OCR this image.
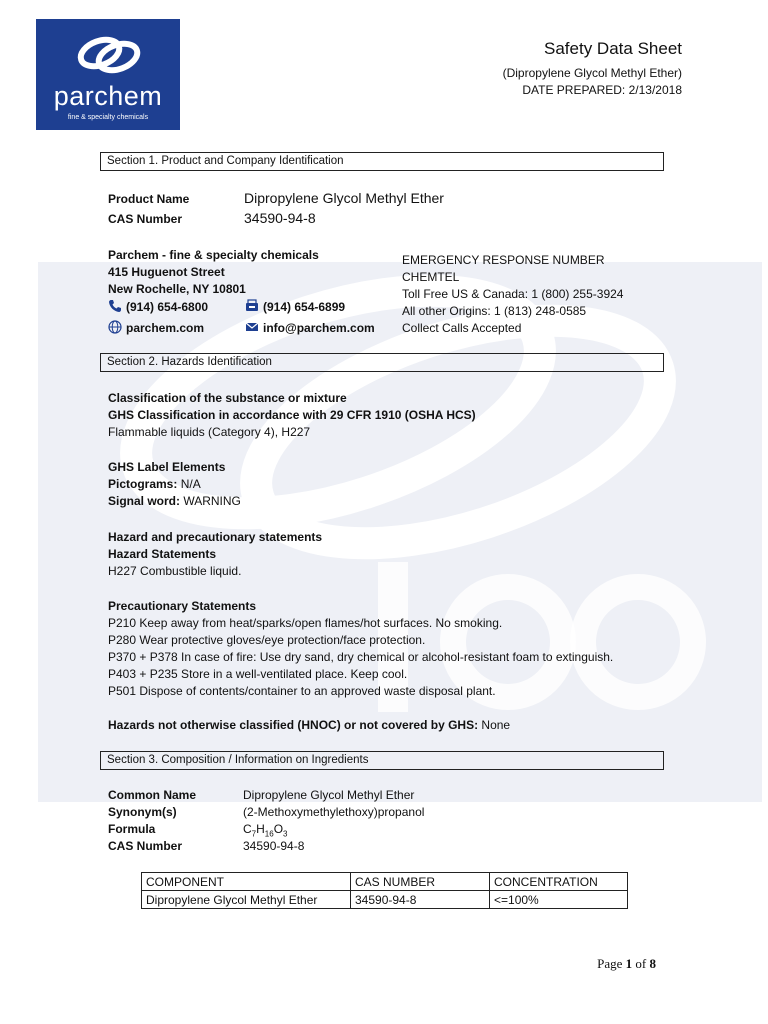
parchem
fine & specialty chemicals
Safety Data Sheet
(Dipropylene Glycol Methyl Ether)
DATE PREPARED: 2/13/2018
Section 1. Product and Company Identification
Product Name	Dipropylene Glycol Methyl Ether
CAS Number	34590-94-8
Parchem - fine & specialty chemicals
415 Huguenot Street
New Rochelle, NY 10801
(914) 654-6800	(914) 654-6899
parchem.com	info@parchem.com
EMERGENCY RESPONSE NUMBER
CHEMTEL
Toll Free US & Canada: 1 (800) 255-3924
All other Origins: 1 (813) 248-0585
Collect Calls Accepted
Section 2. Hazards Identification
Classification of the substance or mixture
GHS Classification in accordance with 29 CFR 1910 (OSHA HCS)
Flammable liquids (Category 4), H227
GHS Label Elements
Pictograms: N/A
Signal word: WARNING
Hazard and precautionary statements
Hazard Statements
H227 Combustible liquid.
Precautionary Statements
P210 Keep away from heat/sparks/open flames/hot surfaces. No smoking.
P280 Wear protective gloves/eye protection/face protection.
P370 + P378 In case of fire: Use dry sand, dry chemical or alcohol-resistant foam to extinguish.
P403 + P235 Store in a well-ventilated place. Keep cool.
P501 Dispose of contents/container to an approved waste disposal plant.
Hazards not otherwise classified (HNOC) or not covered by GHS: None
Section 3. Composition / Information on Ingredients
Common Name	Dipropylene Glycol Methyl Ether
Synonym(s)	(2-Methoxymethylethoxy)propanol
Formula	$C_7H_{16}O_3$
CAS Number	34590-94-8
COMPONENT	CAS NUMBER	CONCENTRATION
Dipropylene Glycol Methyl Ether	34590-94-8	<=100%
Page 1 of 8
